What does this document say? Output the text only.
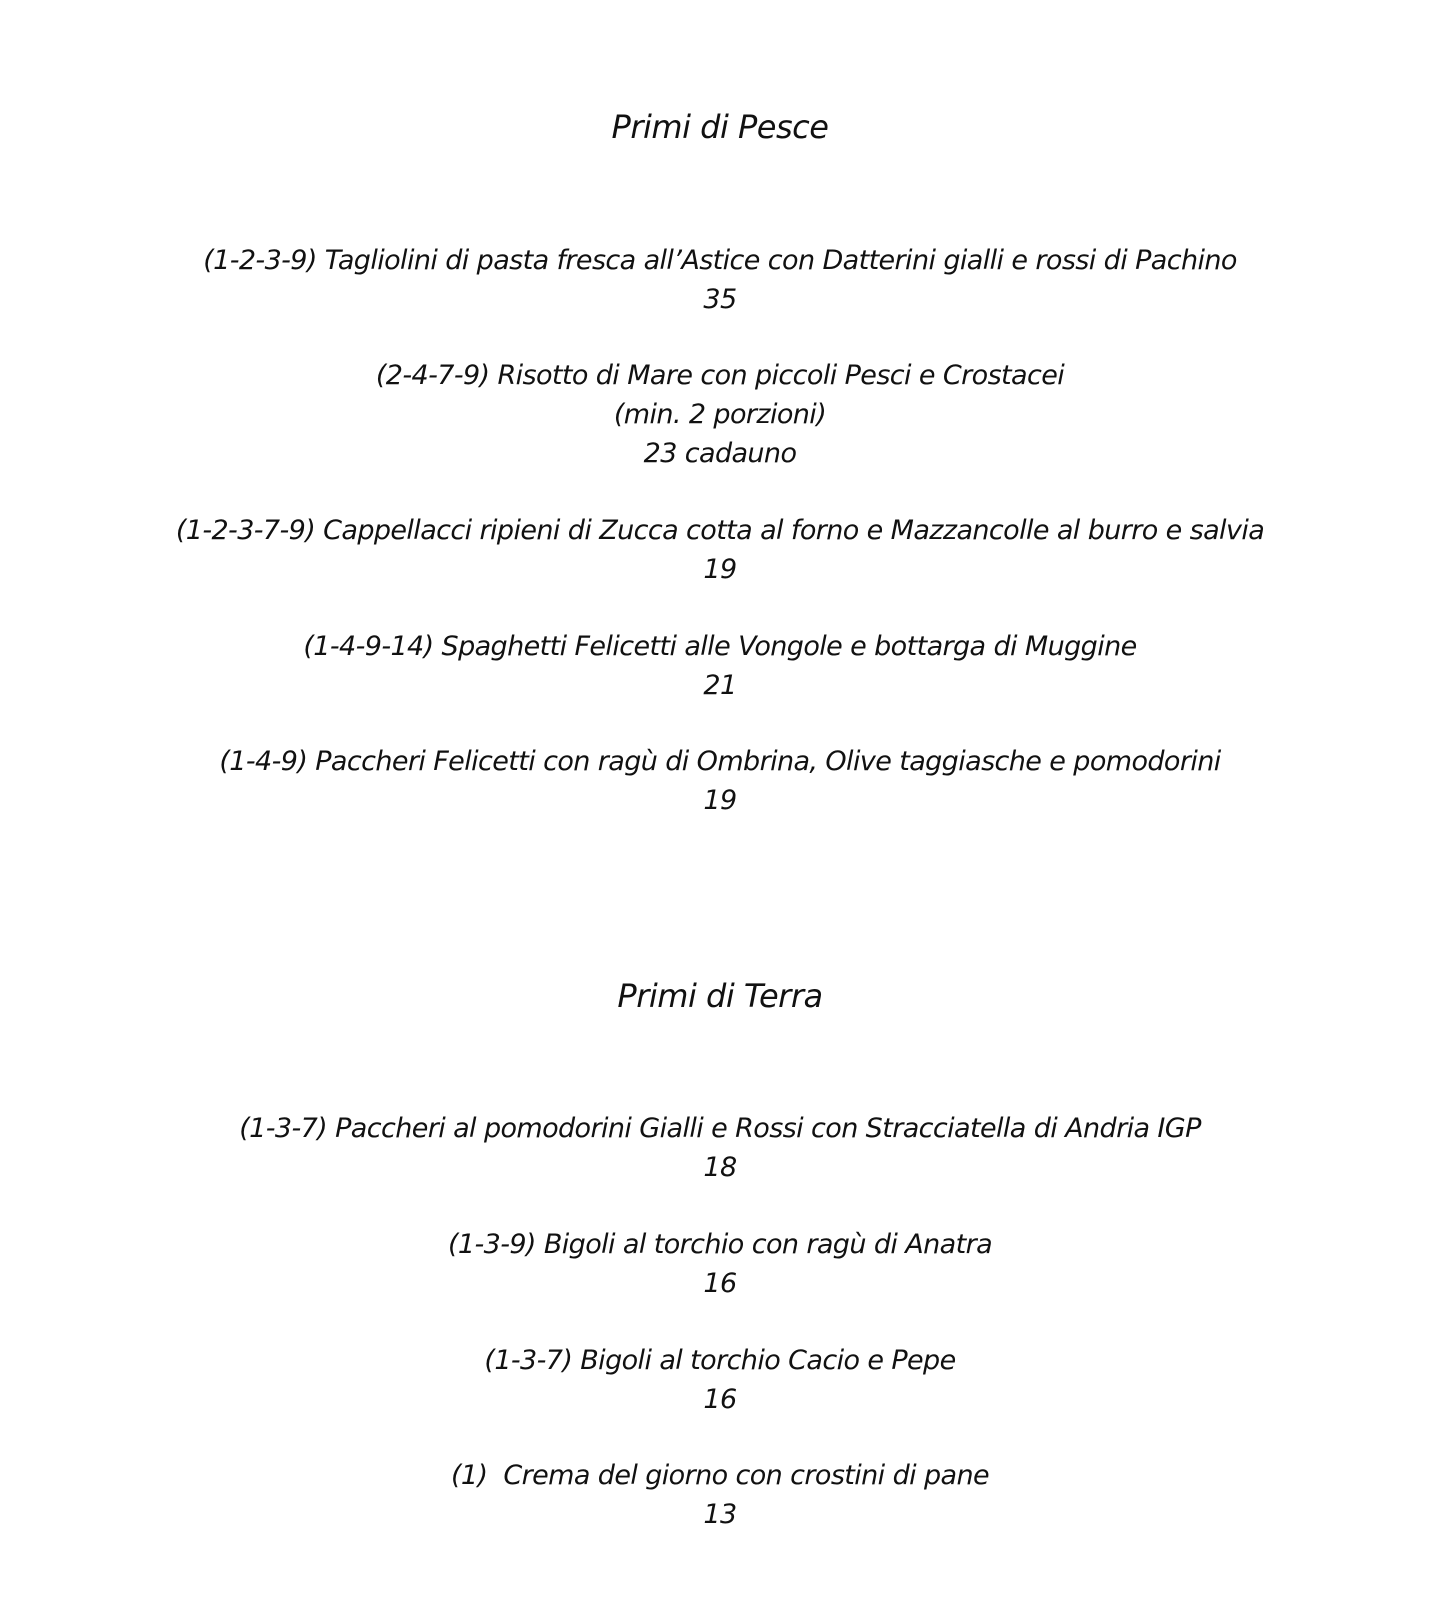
Primi di Pesce
(1-2-3-9) Tagliolini di pasta fresca all’Astice con Datterini gialli e rossi di Pachino
35
(2-4-7-9) Risotto di Mare con piccoli Pesci e Crostacei
(min. 2 porzioni)
23 cadauno
(1-2-3-7-9) Cappellacci ripieni di Zucca cotta al forno e Mazzancolle al burro e salvia
19
(1-4-9-14) Spaghetti Felicetti alle Vongole e bottarga di Muggine
21
(1-4-9) Paccheri Felicetti con ragù di Ombrina, Olive taggiasche e pomodorini
19
Primi di Terra
(1-3-7) Paccheri al pomodorini Gialli e Rossi con Stracciatella di Andria IGP
18
(1-3-9) Bigoli al torchio con ragù di Anatra
16
(1-3-7) Bigoli al torchio Cacio e Pepe
16
(1)  Crema del giorno con crostini di pane
13
